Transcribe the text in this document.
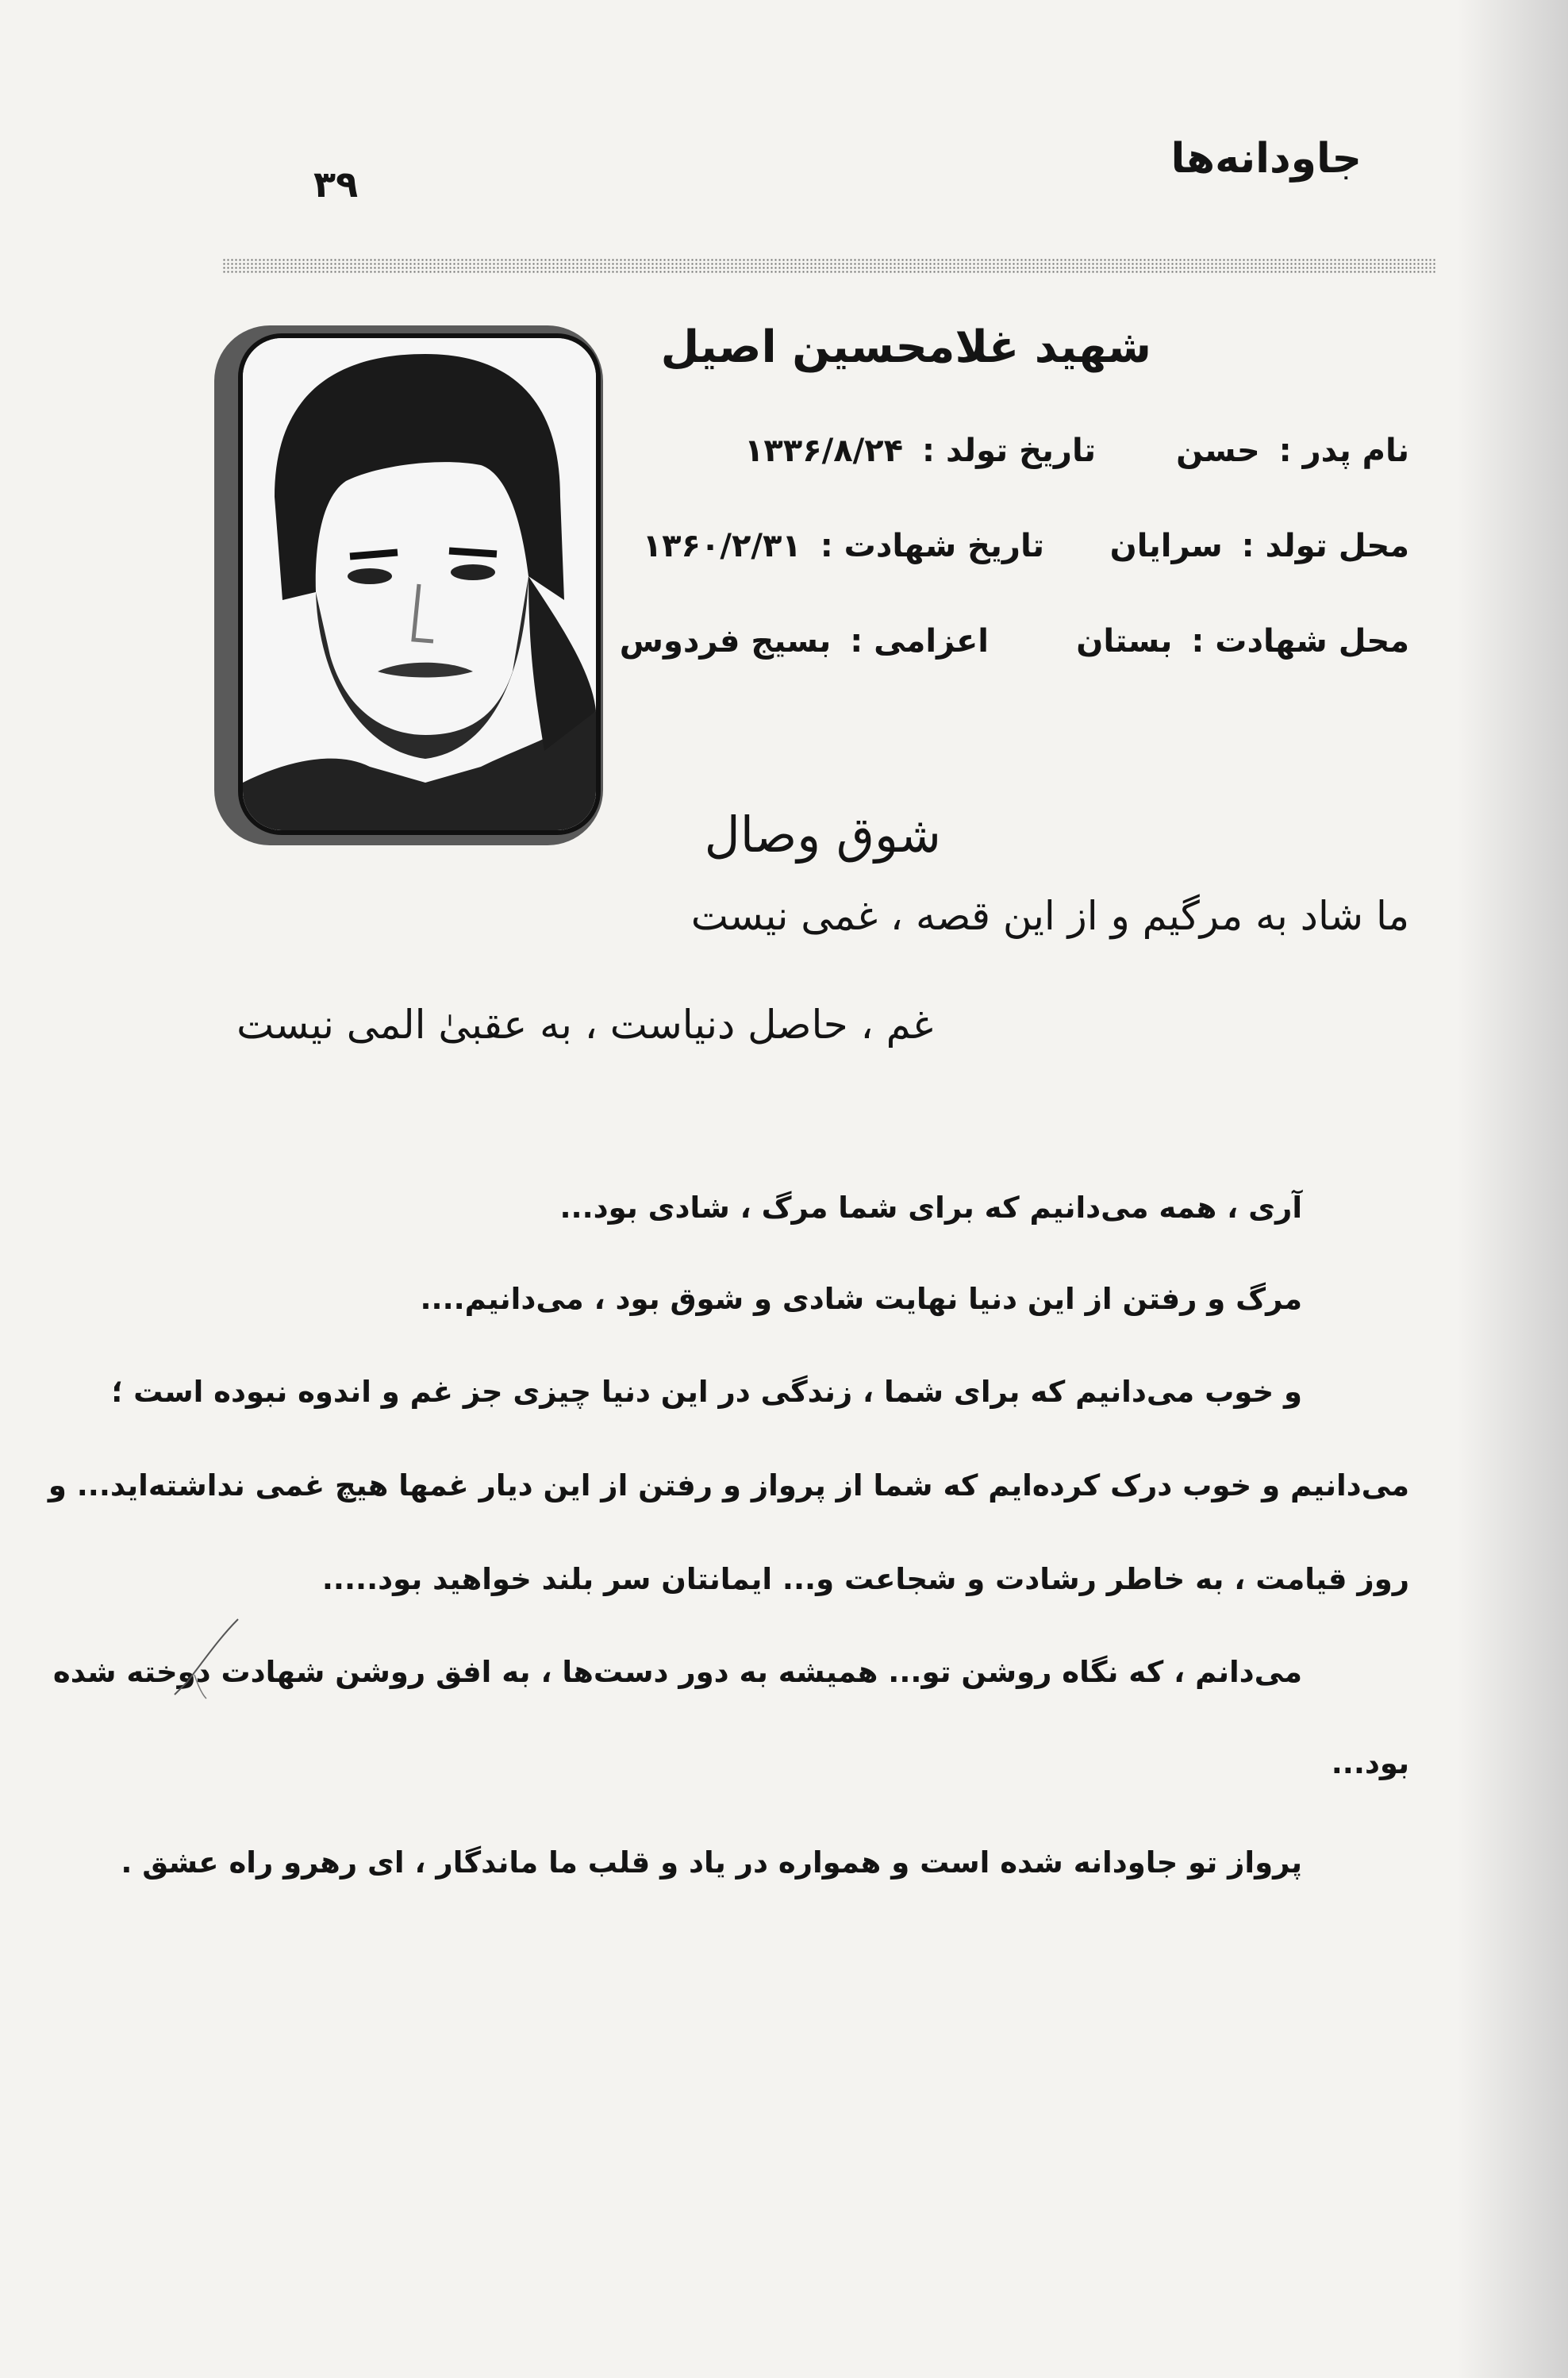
جاودانه‌ها
۳۹
شهید غلامحسین اصیل
نام پدر : حسن
تاریخ تولد : ۱۳۳۶/۸/۲۴
محل تولد : سرایان
تاریخ شهادت : ۱۳۶۰/۲/۳۱
محل شهادت : بستان
اعزامی : بسیج فردوس
شوق وصال
ما شاد به مرگیم و از این قصه ، غمی نیست
غم ، حاصل دنیاست ، به عقبیٰ المی نیست
آری ، همه می‌دانیم که برای شما مرگ ، شادی بود...
مرگ و رفتن از این دنیا نهایت شادی و شوق بود ، می‌دانیم....
و خوب می‌دانیم که برای شما ، زندگی در این دنیا چیزی جز غم و اندوه نبوده است ؛
می‌دانیم و خوب درک کرده‌ایم که شما از پرواز و رفتن از این دیار غمها هیچ غمی نداشته‌اید... و
روز قیامت ، به خاطر رشادت و شجاعت و... ایمانتان سر بلند خواهید بود.....
می‌دانم ، که نگاه روشن تو... همیشه به دور دست‌ها ، به افق روشن شهادت دوخته شده
بود...
پرواز تو جاودانه شده است و همواره در یاد و قلب ما ماندگار ، ای رهرو راه عشق .
